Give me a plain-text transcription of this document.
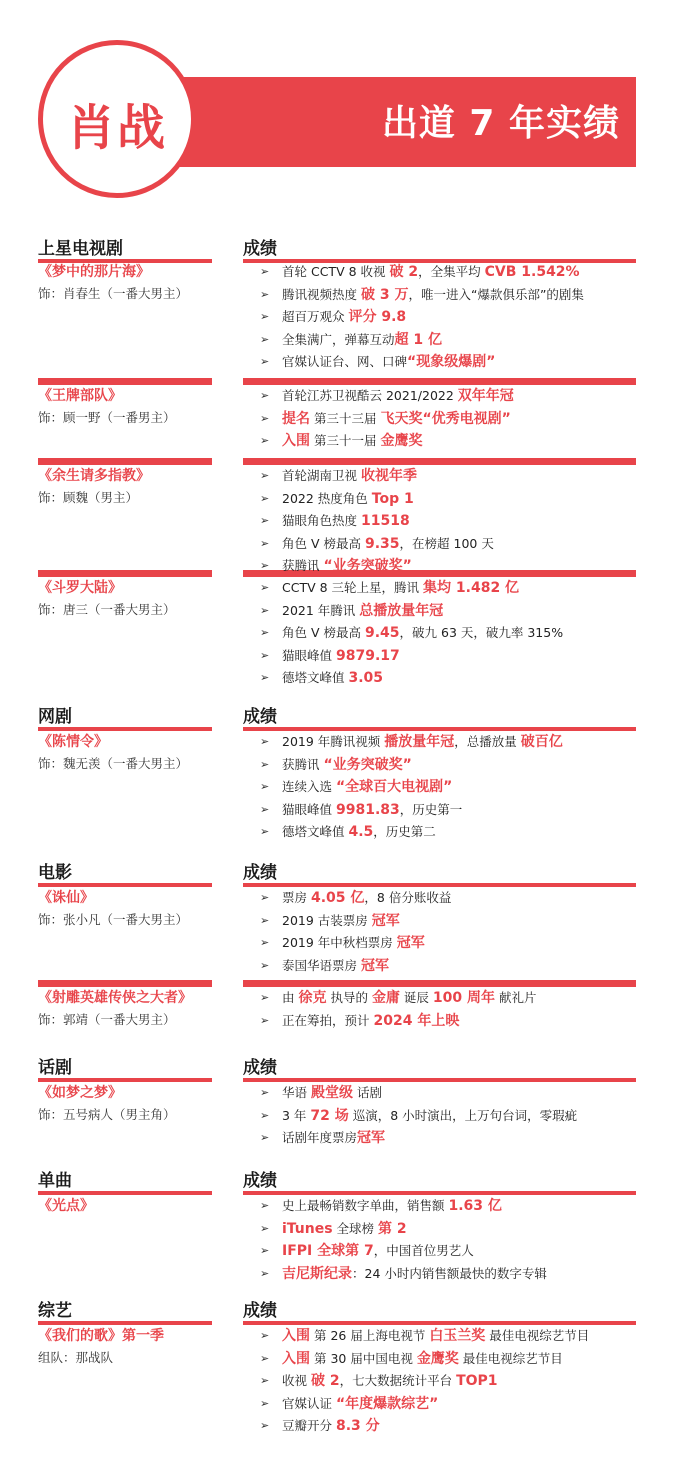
出道 7 年实绩
肖战
上星电视剧	成绩
《梦中的那片海》
饰：肖春生（一番大男主）
➢ 首轮 CCTV 8 收视 破 2，全集平均 CVB 1.542%
➢ 腾讯视频热度 破 3 万，唯一进入“爆款俱乐部”的剧集
➢ 超百万观众 评分 9.8
➢ 全集满广，弹幕互动超 1 亿
➢ 官媒认证台、网、口碑“现象级爆剧”
《王牌部队》
饰：顾一野（一番男主）
➢ 首轮江苏卫视酷云 2021/2022 双年年冠
➢ 提名 第三十三届 飞天奖“优秀电视剧”
➢ 入围 第三十一届 金鹰奖
《余生请多指教》
饰：顾魏（男主）
➢ 首轮湖南卫视 收视年季
➢ 2022 热度角色 Top 1
➢ 猫眼角色热度 11518
➢ 角色 V 榜最高 9.35，在榜超 100 天
➢ 获腾讯 “业务突破奖”
《斗罗大陆》
饰：唐三（一番大男主）
➢ CCTV 8 三轮上星，腾讯 集均 1.482 亿
➢ 2021 年腾讯 总播放量年冠
➢ 角色 V 榜最高 9.45，破九 63 天，破九率 315%
➢ 猫眼峰值 9879.17
➢ 德塔文峰值 3.05
网剧	成绩
《陈情令》
饰：魏无羡（一番大男主）
➢ 2019 年腾讯视频 播放量年冠，总播放量 破百亿
➢ 获腾讯 “业务突破奖”
➢ 连续入选 “全球百大电视剧”
➢ 猫眼峰值 9981.83，历史第一
➢ 德塔文峰值 4.5，历史第二
电影	成绩
《诛仙》
饰：张小凡（一番大男主）
➢ 票房 4.05 亿，8 倍分账收益
➢ 2019 古装票房 冠军
➢ 2019 年中秋档票房 冠军
➢ 泰国华语票房 冠军
《射雕英雄传侠之大者》
饰：郭靖（一番大男主）
➢ 由 徐克 执导的 金庸 诞辰 100 周年 献礼片
➢ 正在筹拍，预计 2024 年上映
话剧	成绩
《如梦之梦》
饰：五号病人（男主角）
➢ 华语 殿堂级 话剧
➢ 3 年 72 场 巡演，8 小时演出，上万句台词，零瑕疵
➢ 话剧年度票房冠军
单曲	成绩
《光点》	➢ 史上最畅销数字单曲，销售额 1.63 亿
➢ iTunes 全球榜 第 2
➢ IFPI 全球第 7，中国首位男艺人
➢ 吉尼斯纪录：24 小时内销售额最快的数字专辑
综艺	成绩
《我们的歌》第一季
组队：那战队
➢ 入围 第 26 届上海电视节 白玉兰奖 最佳电视综艺节目
➢ 入围 第 30 届中国电视 金鹰奖 最佳电视综艺节目
➢ 收视 破 2，七大数据统计平台 TOP1
➢ 官媒认证 “年度爆款综艺”
➢ 豆瓣开分 8.3 分
